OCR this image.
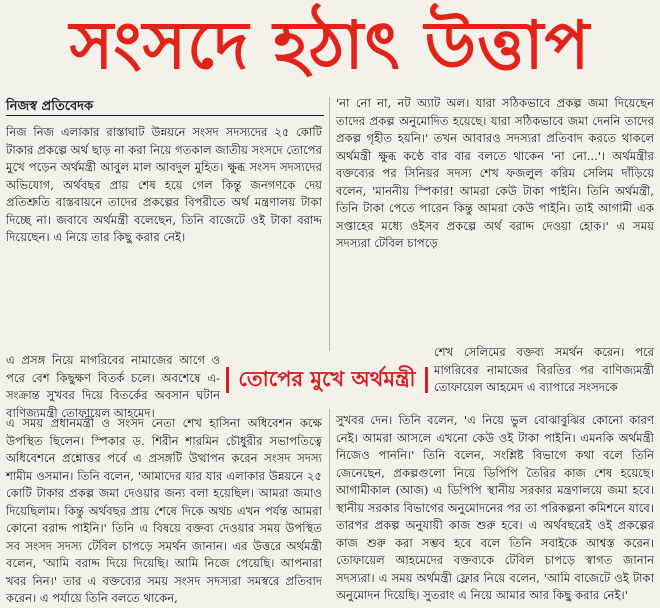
সংসদে হঠাৎ উত্তাপ
নিজস্ব প্রতিবেদক

নিজ নিজ এলাকার রাস্তাঘাট উন্নয়নে সংসদ সদস্যদের ২৫ কোটি টাকার প্রকল্পে অর্থ ছাড় না করা নিয়ে গতকাল জাতীয় সংসদে তোপের মুখে পড়েন অর্থমন্ত্রী আবুল মাল আবদুল মুহিত। ক্ষুব্ধ সংসদ সদস্যদের অভিযোগ, অর্থবছর প্রায় শেষ হয়ে গেল কিন্তু জনগণকে দেয় প্রতিশ্রুতি বাস্তবায়নে তাদের প্রকল্পের বিপরীতে অর্থ মন্ত্রণালয় টাকা দিচ্ছে না। জবাবে অর্থমন্ত্রী বলেছেন, তিনি বাজেটে ওই টাকা বরাদ্দ দিয়েছেন। এ নিয়ে তার কিছু করার নেই।

এ প্রসঙ্গ নিয়ে মাগরিবের নামাজের আগে ও পরে বেশ কিছুক্ষণ বিতর্ক চলে। অবশেষে এ-সংক্রান্ত সুখবর দিয়ে বিতর্কের অবসান ঘটান বাণিজ্যমন্ত্রী তোফায়েল আহমেদ।

এ সময় প্রধানমন্ত্রী ও সংসদ নেতা শেখ হাসিনা অধিবেশন কক্ষে উপস্থিত ছিলেন। স্পিকার ড. শিরীন শারমিন চৌধুরীর সভাপতিত্বে অধিবেশনে প্রশ্নোত্তর পর্বে এ প্রসঙ্গটি উত্থাপন করেন সংসদ সদস্য শামীম ওসমান। তিনি বলেন, 'আমাদের যার যার এলাকার উন্নয়নে ২৫ কোটি টাকার প্রকল্প জমা দেওয়ার জন্য বলা হয়েছিল। আমরা জমাও দিয়েছিলাম। কিন্তু অর্থবছর প্রায় শেষে দিকে অথচ এখন পর্যন্ত আমরা কোনো বরাদ্দ পাইনি।' তিনি এ বিষয়ে বক্তব্য দেওয়ার সময় উপস্থিত সব সংসদ সদস্য টেবিল চাপড়ে সমর্থন জানান। এর উত্তরে অর্থমন্ত্রী বলেন, 'আমি বরাদ্দ দিয়ে দিয়েছি। আমি নিজে পেয়েছি। আপনারা খবর নিন।' তার এ বক্তব্যের সময় সংসদ সদস্যরা সমস্বরে প্রতিবাদ করেন। এ পর্যায়ে তিনি বলতে থাকেন,

'না নো না, নট অ্যাট অল। যারা সঠিকভাবে প্রকল্প জমা দিয়েছেন তাদের প্রকল্প অনুমোদিত হয়েছে। যারা সঠিকভাবে জমা দেননি তাদের প্রকল্প গৃহীত হয়নি।' তখন আবারও সদস্যরা প্রতিবাদ করতে থাকলে অর্থমন্ত্রী ক্ষুব্ধ কণ্ঠে বার বার বলতে থাকেন 'না নো...'। অর্থমন্ত্রীর বক্তব্যের পর সিনিয়র সদস্য শেখ ফজলুল করিম সেলিম দাঁড়িয়ে বলেন, 'মাননীয় স্পিকার! আমরা কেউ টাকা পাইনি। তিনি অর্থমন্ত্রী, তিনি টাকা পেতে পারেন কিন্তু আমরা কেউ পাইনি। তাই আগামী এক সপ্তাহের মধ্যে ওইসব প্রকল্পে অর্থ বরাদ্দ দেওয়া হোক।' এ সময় সদস্যরা টেবিল চাপড়ে

শেখ সেলিমের বক্তব্য সমর্থন করেন। পরে মাগরিবের নামাজের বিরতির পর বাণিজ্যমন্ত্রী তোফায়েল আহমেদ এ ব্যাপারে সংসদকে

সুখবর দেন। তিনি বলেন, 'এ নিয়ে ভুল বোঝাবুঝির কোনো কারণ নেই। আমরা আসলে এখনো কেউ ওই টাকা পাইনি। এমনকি অর্থমন্ত্রী নিজেও পাননি।' তিনি বলেন, সংশ্লিষ্ট বিভাগে কথা বলে তিনি জেনেছেন, প্রকল্পগুলো নিয়ে ডিপিপি তৈরির কাজ শেষ হয়েছে। আগামীকাল (আজ) এ ডিপিপি স্থানীয় সরকার মন্ত্রণালয়ে জমা হবে। স্থানীয় সরকার বিভাগের অনুমোদনের পর তা পরিকল্পনা কমিশনে যাবে। তারপর প্রকল্প অনুযায়ী কাজ শুরু হবে। এ অর্থবছরেই ওই প্রকল্পের কাজ শুরু করা সম্ভব হবে বলে তিনি সবাইকে আশ্বস্ত করেন। তোফায়েল আহমেদের বক্তব্যকে টেবিল চাপড়ে স্বাগত জানান সদস্যরা। এ সময় অর্থমন্ত্রী ফ্লোর নিয়ে বলেন, 'আমি বাজেটে ওই টাকা অনুমোদন দিয়েছি। সুতরাং এ নিয়ে আমার আর কিছু করার নেই।'

তোপের মুখে অর্থমন্ত্রী
